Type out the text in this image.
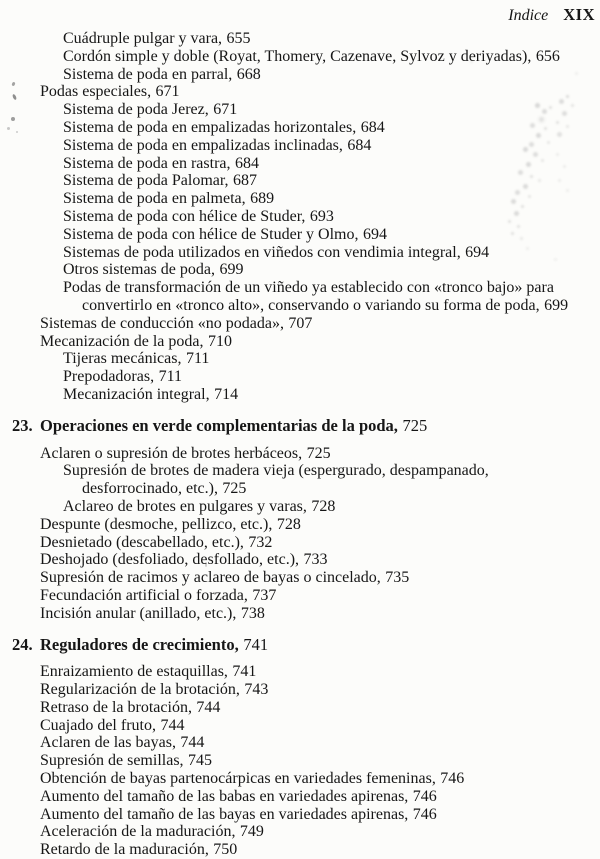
Indice XIX
Cuádruple pulgar y vara, 655
Cordón simple y doble (Royat, Thomery, Cazenave, Sylvoz y deriyadas), 656
Sistema de poda en parral, 668
Podas especiales, 671
Sistema de poda Jerez, 671
Sistema de poda en empalizadas horizontales, 684
Sistema de poda en empalizadas inclinadas, 684
Sistema de poda en rastra, 684
Sistema de poda Palomar, 687
Sistema de poda en palmeta, 689
Sistema de poda con hélice de Studer, 693
Sistema de poda con hélice de Studer y Olmo, 694
Sistemas de poda utilizados en viñedos con vendimia integral, 694
Otros sistemas de poda, 699
Podas de transformación de un viñedo ya establecido con «tronco bajo» para
convertirlo en «tronco alto», conservando o variando su forma de poda, 699
Sistemas de conducción «no podada», 707
Mecanización de la poda, 710
Tijeras mecánicas, 711
Prepodadoras, 711
Mecanización integral, 714
23. Operaciones en verde complementarias de la poda, 725
Aclaren o supresión de brotes herbáceos, 725
Supresión de brotes de madera vieja (espergurado, despampanado,
desforrocinado, etc.), 725
Aclareo de brotes en pulgares y varas, 728
Despunte (desmoche, pellizco, etc.), 728
Desnietado (descabellado, etc.), 732
Deshojado (desfoliado, desfollado, etc.), 733
Supresión de racimos y aclareo de bayas o cincelado, 735
Fecundación artificial o forzada, 737
Incisión anular (anillado, etc.), 738
24. Reguladores de crecimiento, 741
Enraizamiento de estaquillas, 741
Regularización de la brotación, 743
Retraso de la brotación, 744
Cuajado del fruto, 744
Aclaren de las bayas, 744
Supresión de semillas, 745
Obtención de bayas partenocárpicas en variedades femeninas, 746
Aumento del tamaño de las babas en variedades apirenas, 746
Aumento del tamaño de las bayas en variedades apirenas, 746
Aceleración de la maduración, 749
Retardo de la maduración, 750
